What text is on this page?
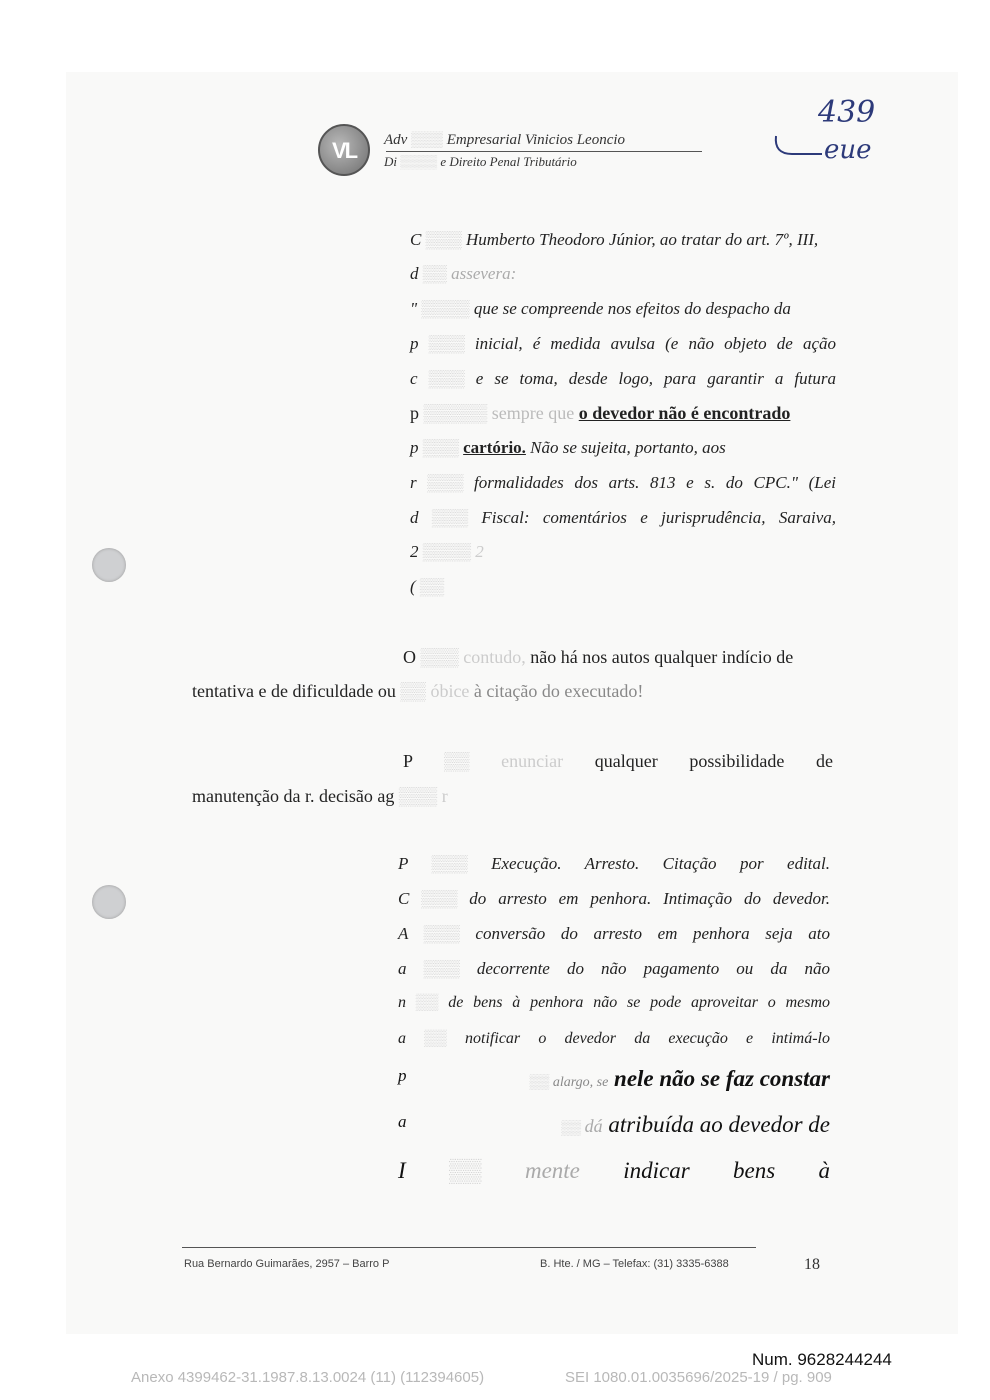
VL	Adv ▒▒▒ Empresarial Vinicios Leoncio
Di ▒▒▒▒ e Direito Penal Tributário
439
eue
C ▒▒▒ Humberto Theodoro Júnior, ao tratar do art. 7º, III,
d ▒▒ assevera:
" ▒▒▒▒ que se compreende nos efeitos do despacho da
p ▒▒▒ inicial, é medida avulsa (e não objeto de ação
c ▒▒▒ e se toma, desde logo, para garantir a futura
p ▒▒▒▒▒ sempre que o devedor não é encontrado
p ▒▒▒ cartório. Não se sujeita, portanto, aos
r ▒▒▒ formalidades dos arts. 813 e s. do CPC." (Lei
d ▒▒▒ Fiscal: comentários e jurisprudência, Saraiva,
2 ▒▒▒▒ 2
( ▒▒
O ▒▒▒ contudo, não há nos autos qualquer indício de
tentativa e de dificuldade ou ▒▒ óbice à citação do executado!
P ▒▒ enunciar qualquer possibilidade de
manutenção da r. decisão ag ▒▒▒ r
P ▒▒▒ Execução. Arresto. Citação por edital.
C ▒▒▒ do arresto em penhora. Intimação do devedor.
A ▒▒▒ conversão do arresto em penhora seja ato
a ▒▒▒ decorrente do não pagamento ou da não
n ▒▒ de bens à penhora não se pode aproveitar o mesmo
a ▒▒ notificar o devedor da execução e intimá-lo
p	▒▒ alargo, se nele não se faz constar
a	▒▒ dá atribuída ao devedor de
I ▒▒ mente indicar bens à
Rua Bernardo Guimarães, 2957 – Barro P	B. Hte. / MG – Telefax: (31) 3335-6388	18
Num. 9628244244
Anexo 4399462-31.1987.8.13.0024 (11) (112394605)	SEI 1080.01.0035696/2025-19 / pg. 909
